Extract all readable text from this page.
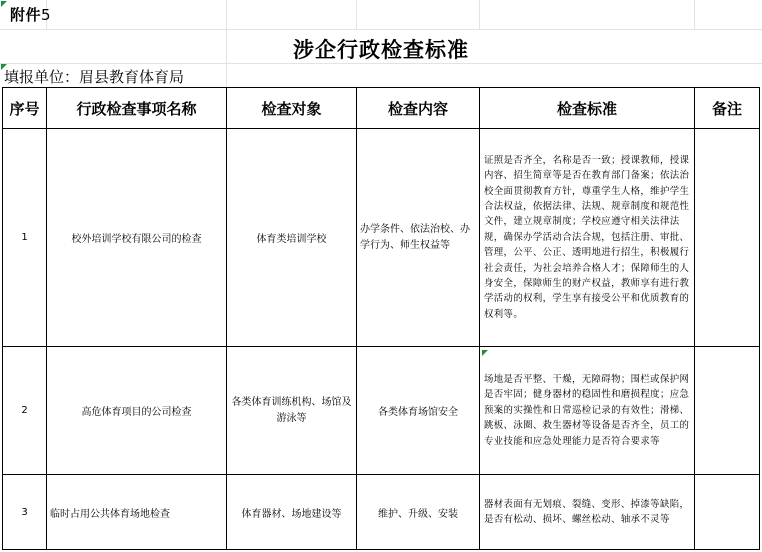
附件5
涉企行政检查标准
填报单位：眉县教育体育局
序号	行政检查事项名称	检查对象	检查内容	检查标准	备注
1	校外培训学校有限公司的检查	体育类培训学校	办学条件、依法治校、办学行为、师生权益等	证照是否齐全，名称是否一致；授课教师，授课内容、招生简章等是否在教育部门备案；依法治校全面贯彻教育方针，尊重学生人格，维护学生合法权益，依据法律、法规、规章制度和规范性文件，建立规章制度；学校应遵守相关法律法规，确保办学活动合法合规，包括注册、审批、管理，公平、公正、透明地进行招生，积极履行社会责任，为社会培养合格人才；保障师生的人身安全，保障师生的财产权益，教师享有进行教学活动的权利，学生享有接受公平和优质教育的权利等。	
2	高危体育项目的公司检查	各类体育训练机构、场馆及游泳等	各类体育场馆安全	场地是否平整、干燥，无障碍物；围栏或保护网是否牢固；健身器材的稳固性和磨损程度；应急预案的实操性和日常巡检记录的有效性；滑梯、跳板、泳圈、救生器材等设备是否齐全，员工的专业技能和应急处理能力是否符合要求等	
3	临时占用公共体育场地检查	体育器材、场地建设等	维护、升级、安装	器材表面有无划痕、裂缝、变形、掉漆等缺陷，是否有松动、损坏、螺丝松动、轴承不灵等	
